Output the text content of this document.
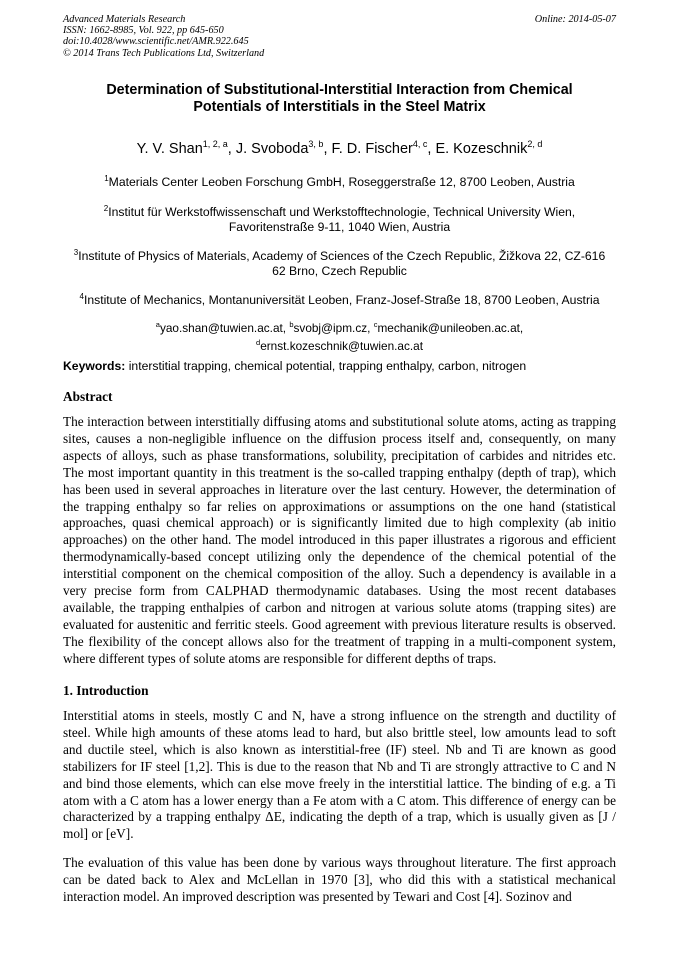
Advanced Materials Research
ISSN: 1662-8985, Vol. 922, pp 645-650
doi:10.4028/www.scientific.net/AMR.922.645
© 2014 Trans Tech Publications Ltd, Switzerland
Online: 2014-05-07
Determination of Substitutional-Interstitial Interaction from Chemical
Potentials of Interstitials in the Steel Matrix
Y. V. Shan$^{1, 2, a}$, J. Svoboda$^{3, b}$, F. D. Fischer$^{4, c}$, E. Kozeschnik$^{2, d}$
$^1$Materials Center Leoben Forschung GmbH, Roseggerstraße 12, 8700 Leoben, Austria
$^2$Institut für Werkstoffwissenschaft und Werkstofftechnologie, Technical University Wien,
Favoritenstraße 9-11, 1040 Wien, Austria
$^3$Institute of Physics of Materials, Academy of Sciences of the Czech Republic, Žižkova 22, CZ-616
62 Brno, Czech Republic
$^4$Institute of Mechanics, Montanuniversität Leoben, Franz-Josef-Straße 18, 8700 Leoben, Austria
$^a$yao.shan@tuwien.ac.at, $^b$svobj@ipm.cz, $^c$mechanik@unileoben.ac.at,
$^d$ernst.kozeschnik@tuwien.ac.at
Keywords: interstitial trapping, chemical potential, trapping enthalpy, carbon, nitrogen
Abstract

The interaction between interstitially diffusing atoms and substitutional solute atoms, acting as trapping sites, causes a non-negligible influence on the diffusion process itself and, consequently, on many aspects of alloys, such as phase transformations, solubility, precipitation of carbides and nitrides etc. The most important quantity in this treatment is the so-called trapping enthalpy (depth of trap), which has been used in several approaches in literature over the last century. However, the determination of the trapping enthalpy so far relies on approximations or assumptions on the one hand (statistical approaches, quasi chemical approach) or is significantly limited due to high complexity (ab initio approaches) on the other hand. The model introduced in this paper illustrates a rigorous and efficient thermodynamically-based concept utilizing only the dependence of the chemical potential of the interstitial component on the chemical composition of the alloy. Such a dependency is available in a very precise form from CALPHAD thermodynamic databases. Using the most recent databases available, the trapping enthalpies of carbon and nitrogen at various solute atoms (trapping sites) are evaluated for austenitic and ferritic steels. Good agreement with previous literature results is observed. The flexibility of the concept allows also for the treatment of trapping in a multi-component system, where different types of solute atoms are responsible for different depths of traps.

1. Introduction

Interstitial atoms in steels, mostly C and N, have a strong influence on the strength and ductility of steel. While high amounts of these atoms lead to hard, but also brittle steel, low amounts lead to soft and ductile steel, which is also known as interstitial-free (IF) steel. Nb and Ti are known as good stabilizers for IF steel [1,2]. This is due to the reason that Nb and Ti are strongly attractive to C and N and bind those elements, which can else move freely in the interstitial lattice. The binding of e.g. a Ti atom with a C atom has a lower energy than a Fe atom with a C atom. This difference of energy can be characterized by a trapping enthalpy ΔE, indicating the depth of a trap, which is usually given as [J / mol] or [eV].

The evaluation of this value has been done by various ways throughout literature. The first approach can be dated back to Alex and McLellan in 1970 [3], who did this with a statistical mechanical interaction model. An improved description was presented by Tewari and Cost [4]. Sozinov and
